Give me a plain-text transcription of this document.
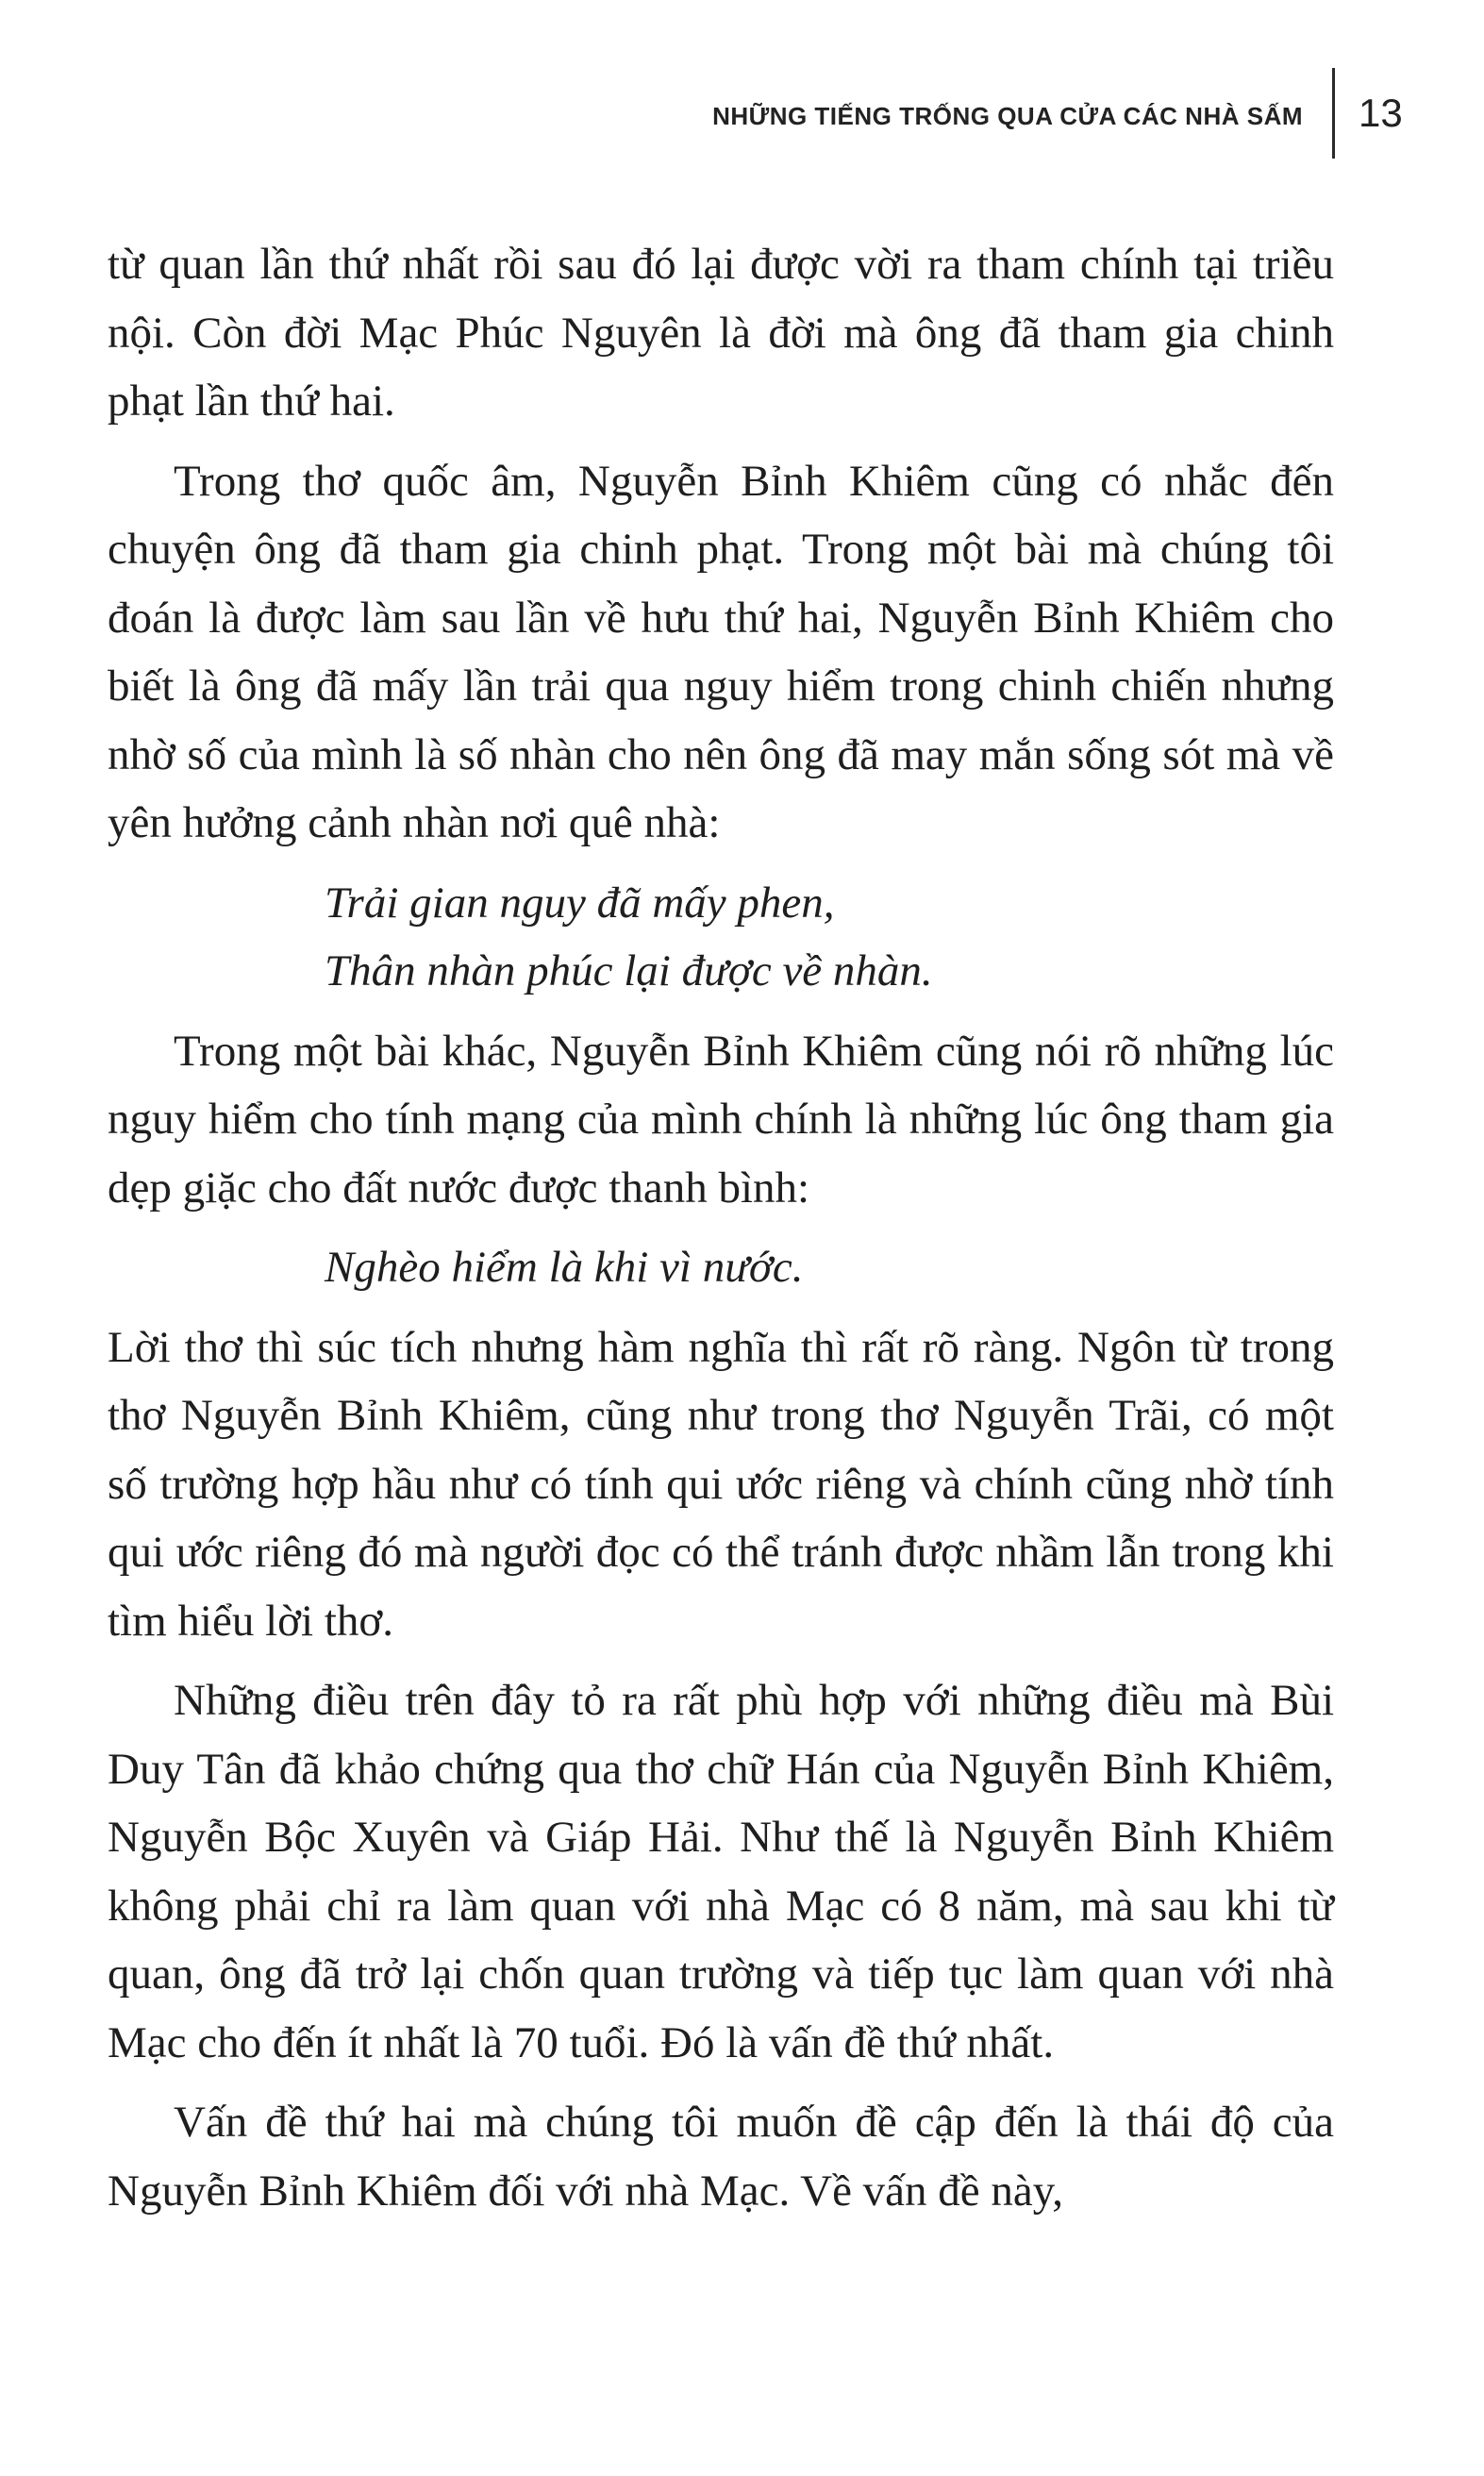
NHỮNG TIẾNG TRỐNG QUA CỬA CÁC NHÀ SẤM 13

từ quan lần thứ nhất rồi sau đó lại được vời ra tham chính tại triều nội. Còn đời Mạc Phúc Nguyên là đời mà ông đã tham gia chinh phạt lần thứ hai.

Trong thơ quốc âm, Nguyễn Bỉnh Khiêm cũng có nhắc đến chuyện ông đã tham gia chinh phạt. Trong một bài mà chúng tôi đoán là được làm sau lần về hưu thứ hai, Nguyễn Bỉnh Khiêm cho biết là ông đã mấy lần trải qua nguy hiểm trong chinh chiến nhưng nhờ số của mình là số nhàn cho nên ông đã may mắn sống sót mà về yên hưởng cảnh nhàn nơi quê nhà:

Trải gian nguy đã mấy phen,
Thân nhàn phúc lại được về nhàn.

Trong một bài khác, Nguyễn Bỉnh Khiêm cũng nói rõ những lúc nguy hiểm cho tính mạng của mình chính là những lúc ông tham gia dẹp giặc cho đất nước được thanh bình:

Nghèo hiểm là khi vì nước.

Lời thơ thì súc tích nhưng hàm nghĩa thì rất rõ ràng. Ngôn từ trong thơ Nguyễn Bỉnh Khiêm, cũng như trong thơ Nguyễn Trãi, có một số trường hợp hầu như có tính qui ước riêng và chính cũng nhờ tính qui ước riêng đó mà người đọc có thể tránh được nhầm lẫn trong khi tìm hiểu lời thơ.

Những điều trên đây tỏ ra rất phù hợp với những điều mà Bùi Duy Tân đã khảo chứng qua thơ chữ Hán của Nguyễn Bỉnh Khiêm, Nguyễn Bộc Xuyên và Giáp Hải. Như thế là Nguyễn Bỉnh Khiêm không phải chỉ ra làm quan với nhà Mạc có 8 năm, mà sau khi từ quan, ông đã trở lại chốn quan trường và tiếp tục làm quan với nhà Mạc cho đến ít nhất là 70 tuổi. Đó là vấn đề thứ nhất.

Vấn đề thứ hai mà chúng tôi muốn đề cập đến là thái độ của Nguyễn Bỉnh Khiêm đối với nhà Mạc. Về vấn đề này,
